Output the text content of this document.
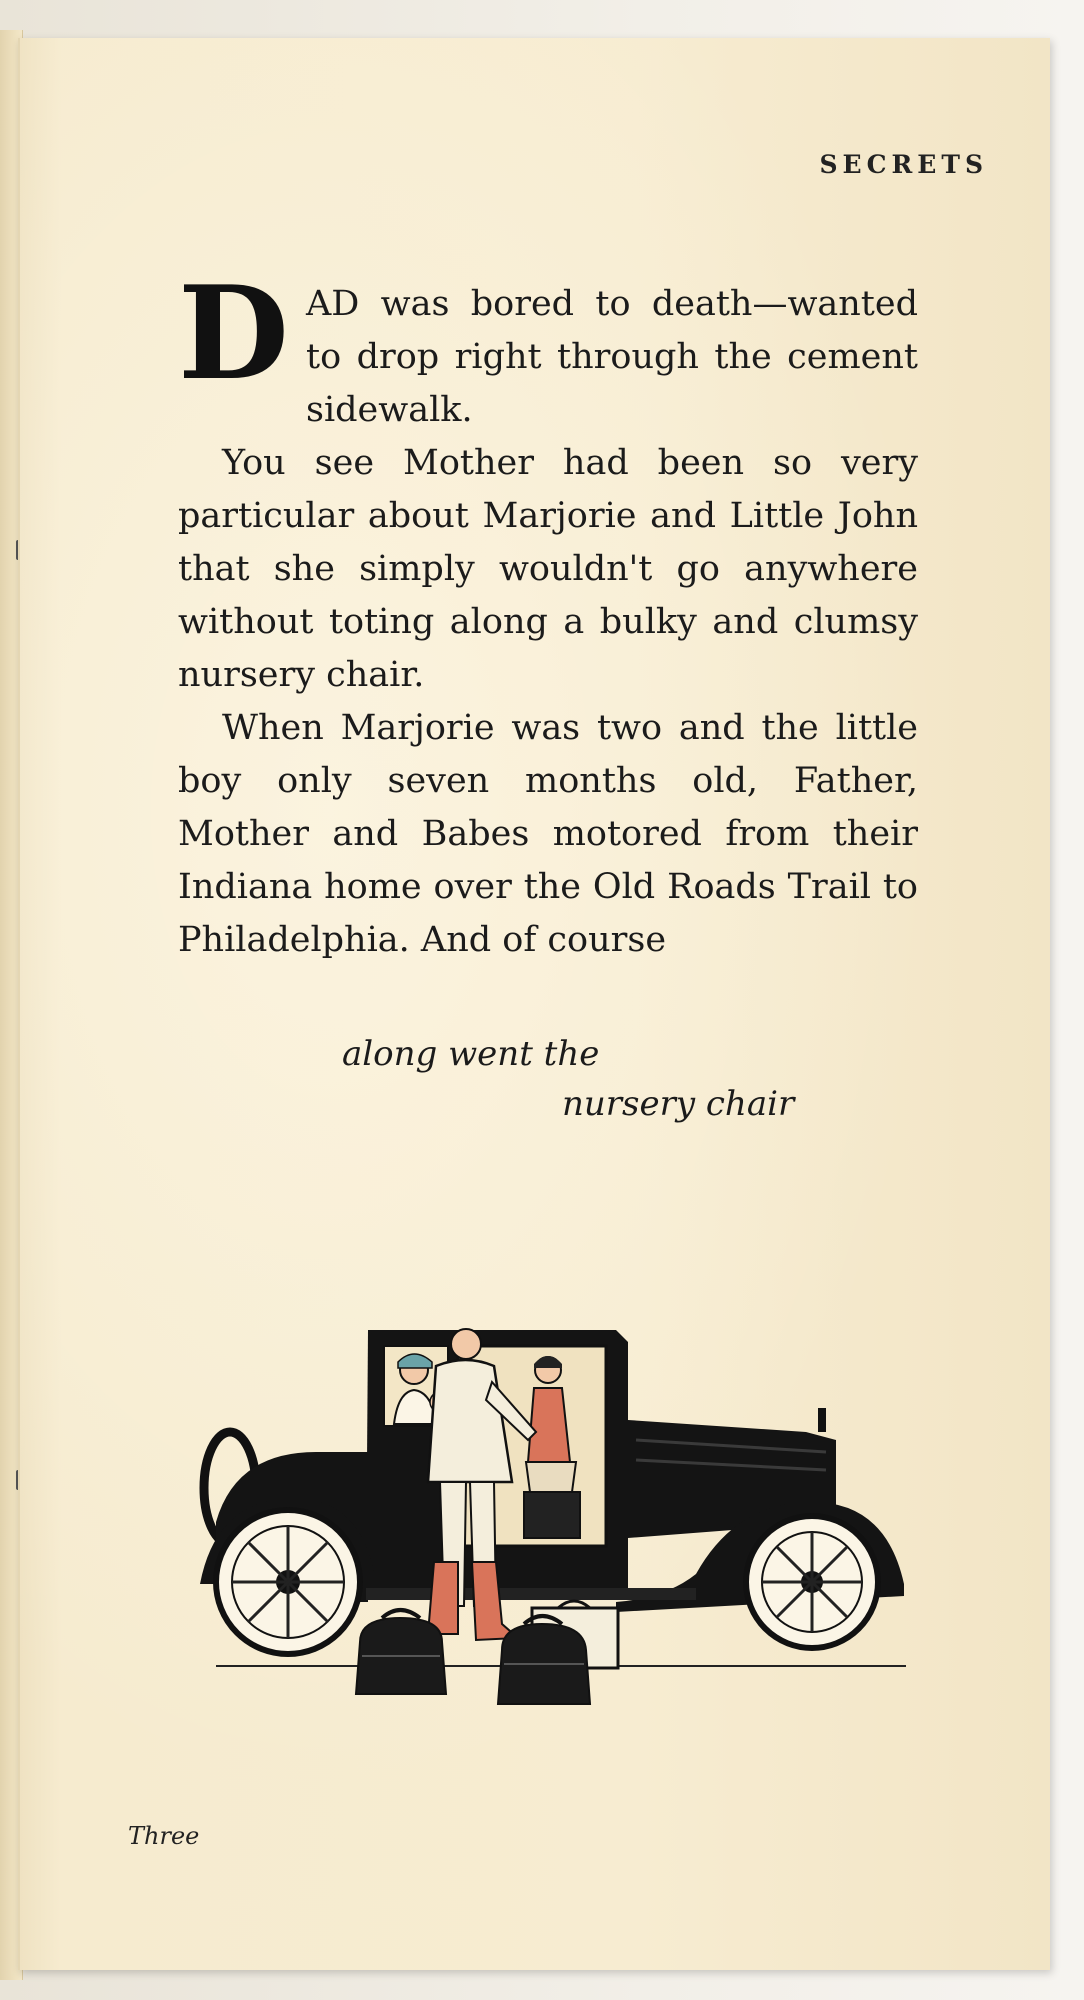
SECRETS
D AD was bored to death—wanted to drop right through the cement sidewalk.

You see Mother had been so very particular about Marjorie and Little John that she simply wouldn't go anywhere without toting along a bulky and clumsy nursery chair.

When Marjorie was two and the little boy only seven months old, Father, Mother and Babes motored from their Indiana home over the Old Roads Trail to Philadelphia. And of course

along went the
nursery chair
Three
